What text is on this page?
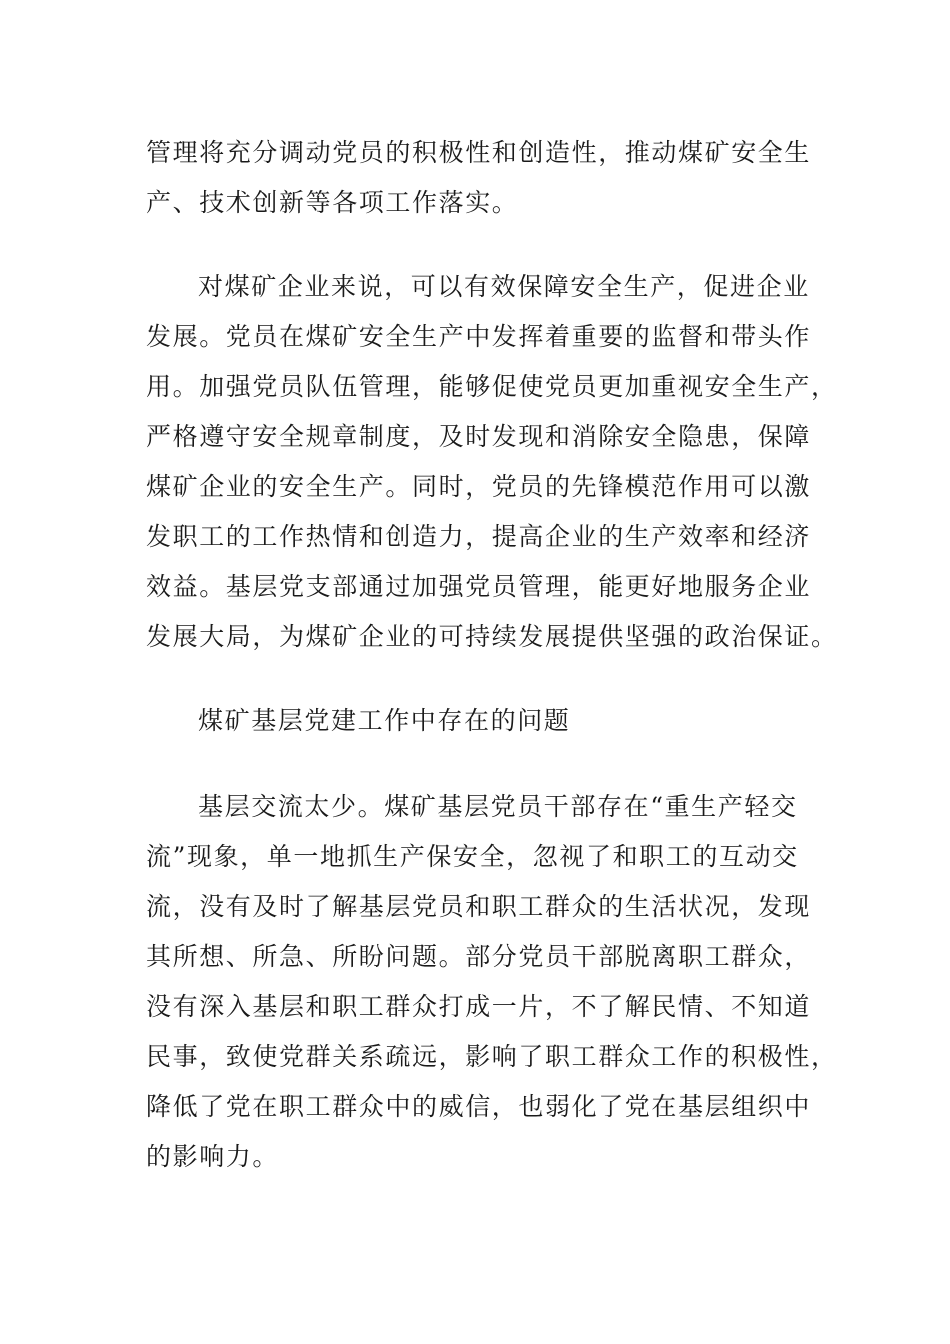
管理将充分调动党员的积极性和创造性，推动煤矿安全生
产、技术创新等各项工作落实。

对煤矿企业来说，可以有效保障安全生产，促进企业
发展。党员在煤矿安全生产中发挥着重要的监督和带头作
用。加强党员队伍管理，能够促使党员更加重视安全生产，
严格遵守安全规章制度，及时发现和消除安全隐患，保障
煤矿企业的安全生产。同时，党员的先锋模范作用可以激
发职工的工作热情和创造力，提高企业的生产效率和经济
效益。基层党支部通过加强党员管理，能更好地服务企业
发展大局，为煤矿企业的可持续发展提供坚强的政治保证。

煤矿基层党建工作中存在的问题

基层交流太少。煤矿基层党员干部存在“重生产轻交
流”现象，单一地抓生产保安全，忽视了和职工的互动交
流，没有及时了解基层党员和职工群众的生活状况，发现
其所想、所急、所盼问题。部分党员干部脱离职工群众，
没有深入基层和职工群众打成一片，不了解民情、不知道
民事，致使党群关系疏远，影响了职工群众工作的积极性，
降低了党在职工群众中的威信，也弱化了党在基层组织中
的影响力。
